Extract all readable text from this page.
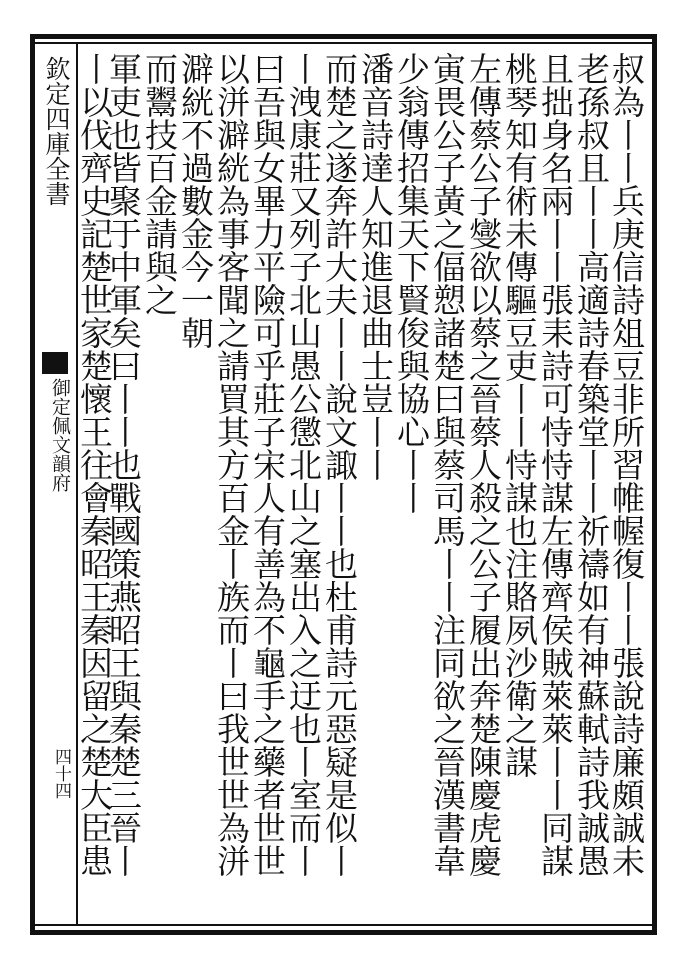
欽定四庫全書
御定佩文韻府
四十四	叔為丨丨兵庚信詩俎豆非所習帷幄復丨丨張說詩廉頗誠未
老孫叔且丨丨高適詩春築堂丨丨祈禱如有神蘇軾詩我誠愚
且拙身名兩丨丨張耒詩可恃恃謀左傳齊侯賊萊萊丨丨同謀
桃琴知有術未傳驅豆吏丨丨恃謀也注賂夙沙衛之謀
左傳蔡公子燮欲以蔡之晉蔡人殺之公子履出奔楚陳慶虎慶
寅畏公子黃之偪愬諸楚曰與蔡司馬丨丨注同欲之晉漢書韋
少翁傳招集天下賢俊與協心丨丨
潘音詩達人知進退曲士豈丨丨
而楚之遂奔許大夫丨丨說文諏丨丨也杜甫詩元惡疑是似丨
丨洩康莊又列子北山愚公懲北山之塞出入之迂也丨室而丨
曰吾與女畢力平險可乎莊子宋人有善為不龜手之藥者世世
以洴澼絖為事客聞之請買其方百金丨族而丨曰我世世為洴
澼絖不過數金今一朝
而鬻技百金請與之
軍吏也皆聚于中軍矣曰丨丨也戰國策燕昭王與秦楚三晉丨
丨以伐齊史記楚世家楚懷王往會秦昭王秦因留之楚大臣患
